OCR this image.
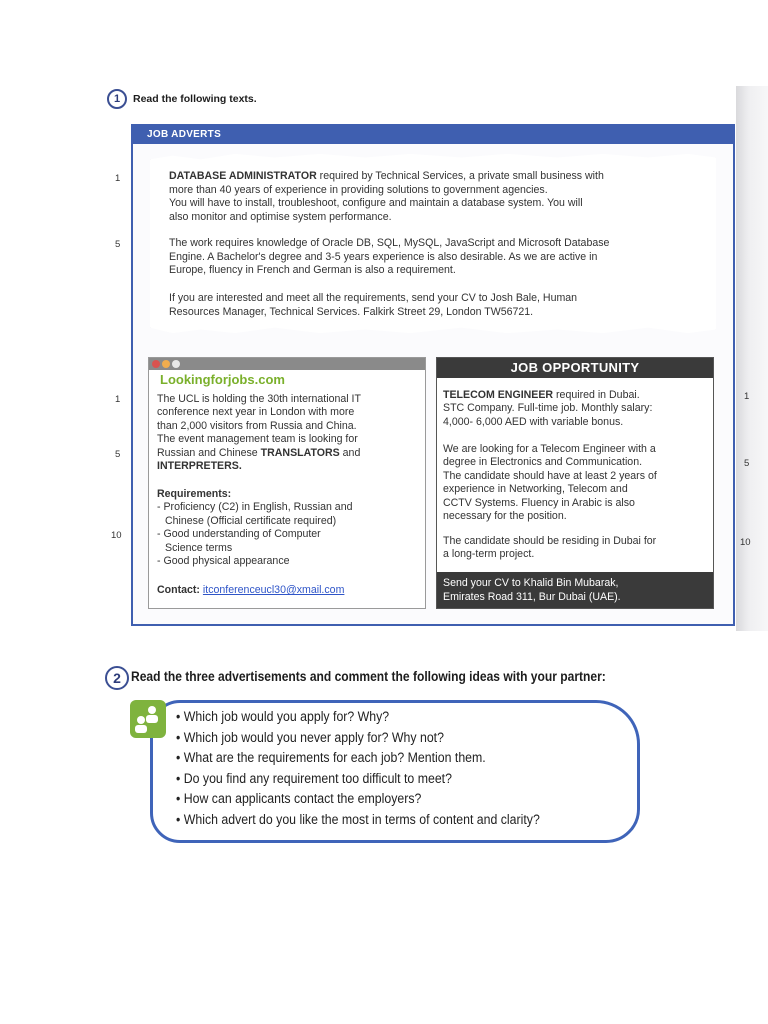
1	Read the following texts.
JOB ADVERTS
1
5
DATABASE ADMINISTRATOR required by Technical Services, a private small business with
more than 40 years of experience in providing solutions to government agencies.
You will have to install, troubleshoot, configure and maintain a database system. You will
also monitor and optimise system performance.
The work requires knowledge of Oracle DB, SQL, MySQL, JavaScript and Microsoft Database
Engine. A Bachelor's degree and 3-5 years experience is also desirable. As we are active in
Europe, fluency in French and German is also a requirement.
If you are interested and meet all the requirements, send your CV to Josh Bale, Human
Resources Manager, Technical Services. Falkirk Street 29, London TW56721.
1
5
10
1
5
10
Lookingforjobs.com
The UCL is holding the 30th international IT
conference next year in London with more
than 2,000 visitors from Russia and China.
The event management team is looking for
Russian and Chinese TRANSLATORS and
INTERPRETERS.
Requirements:
- Proficiency (C2) in English, Russian and
Chinese (Official certificate required)
- Good understanding of Computer
Science terms
- Good physical appearance
Contact: itconferenceucl30@xmail.com
JOB OPPORTUNITY
TELECOM ENGINEER required in Dubai.
STC Company. Full-time job. Monthly salary:
4,000- 6,000 AED with variable bonus.
We are looking for a Telecom Engineer with a
degree in Electronics and Communication.
The candidate should have at least 2 years of
experience in Networking, Telecom and
CCTV Systems. Fluency in Arabic is also
necessary for the position.
The candidate should be residing in Dubai for
a long-term project.
Send your CV to Khalid Bin Mubarak,
Emirates Road 311, Bur Dubai (UAE).
2 Read the three advertisements and comment the following ideas with your partner:
• Which job would you apply for? Why?
• Which job would you never apply for? Why not?
• What are the requirements for each job? Mention them.
• Do you find any requirement too difficult to meet?
• How can applicants contact the employers?
• Which advert do you like the most in terms of content and clarity?
